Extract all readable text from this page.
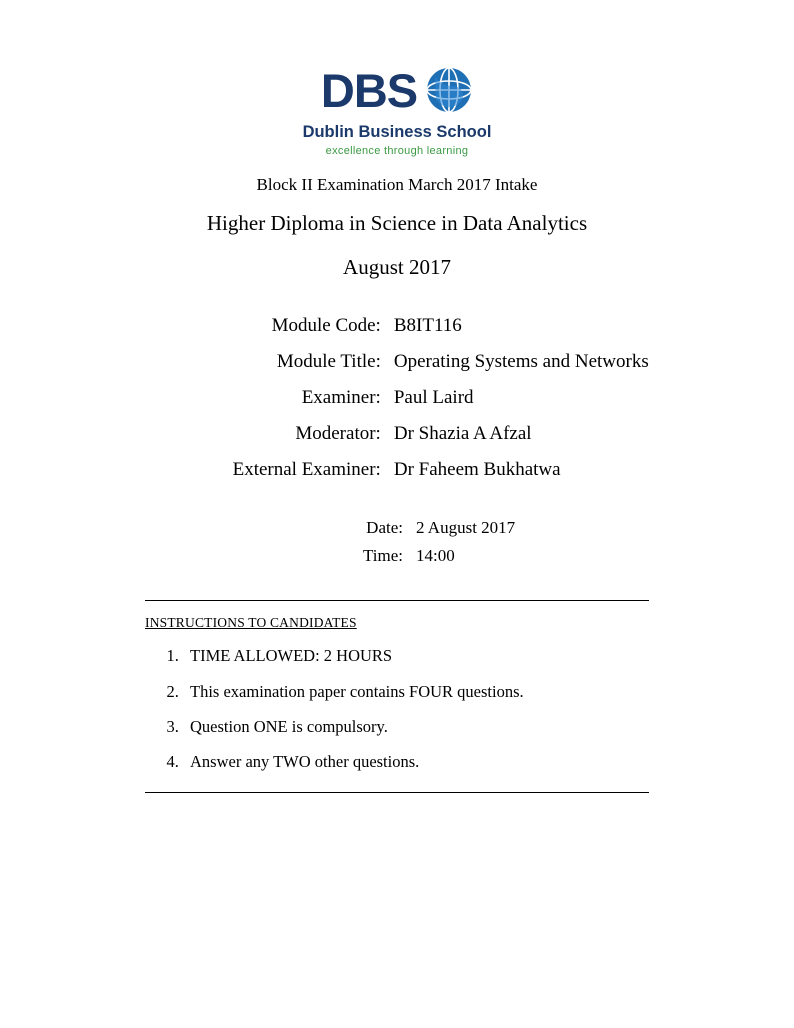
DBS
Dublin Business School
excellence through learning
Block II Examination March 2017 Intake
Higher Diploma in Science in Data Analytics
August 2017
Module Code:	B8IT116
Module Title:	Operating Systems and Networks
Examiner:	Paul Laird
Moderator:	Dr Shazia A Afzal
External Examiner:	Dr Faheem Bukhatwa
Date:	2 August 2017
Time:	14:00
INSTRUCTIONS TO CANDIDATES
1. TIME ALLOWED: 2 HOURS
2. This examination paper contains FOUR questions.
3. Question ONE is compulsory.
4. Answer any TWO other questions.
